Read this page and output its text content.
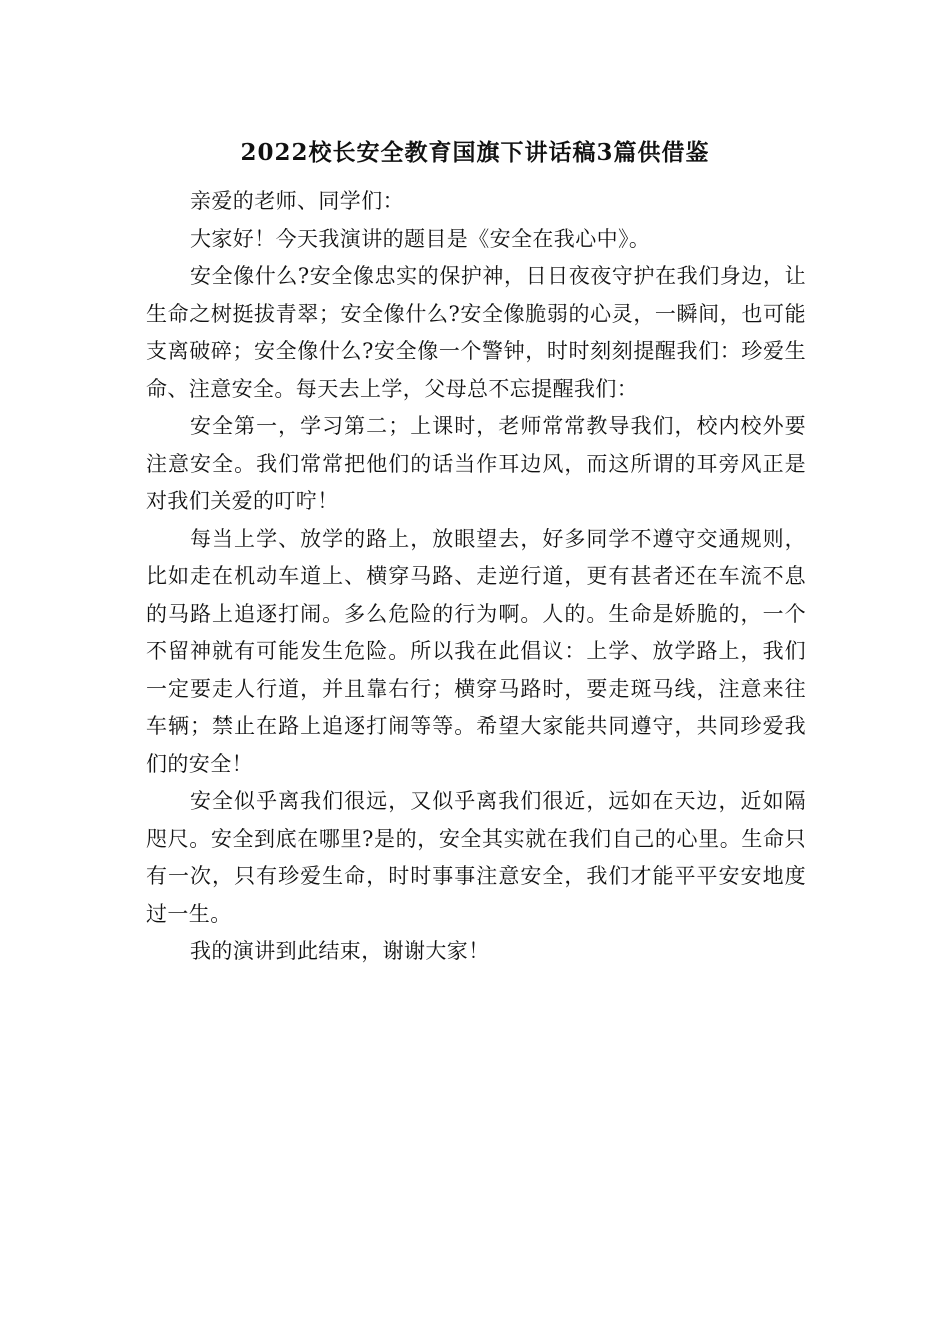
2022校长安全教育国旗下讲话稿3篇供借鉴

亲爱的老师、同学们：

大家好！今天我演讲的题目是《安全在我心中》。

安全像什么?安全像忠实的保护神，日日夜夜守护在我们身边，让生命之树挺拔青翠；安全像什么?安全像脆弱的心灵，一瞬间，也可能支离破碎；安全像什么?安全像一个警钟，时时刻刻提醒我们：珍爱生命、注意安全。每天去上学，父母总不忘提醒我们：

安全第一，学习第二；上课时，老师常常教导我们，校内校外要注意安全。我们常常把他们的话当作耳边风，而这所谓的耳旁风正是对我们关爱的叮咛！

每当上学、放学的路上，放眼望去，好多同学不遵守交通规则，比如走在机动车道上、横穿马路、走逆行道，更有甚者还在车流不息的马路上追逐打闹。多么危险的行为啊。人的。生命是娇脆的，一个不留神就有可能发生危险。所以我在此倡议：上学、放学路上，我们一定要走人行道，并且靠右行；横穿马路时，要走斑马线，注意来往车辆；禁止在路上追逐打闹等等。希望大家能共同遵守，共同珍爱我们的安全！

安全似乎离我们很远，又似乎离我们很近，远如在天边，近如隔咫尺。安全到底在哪里?是的，安全其实就在我们自己的心里。生命只有一次，只有珍爱生命，时时事事注意安全，我们才能平平安安地度过一生。

我的演讲到此结束，谢谢大家！
